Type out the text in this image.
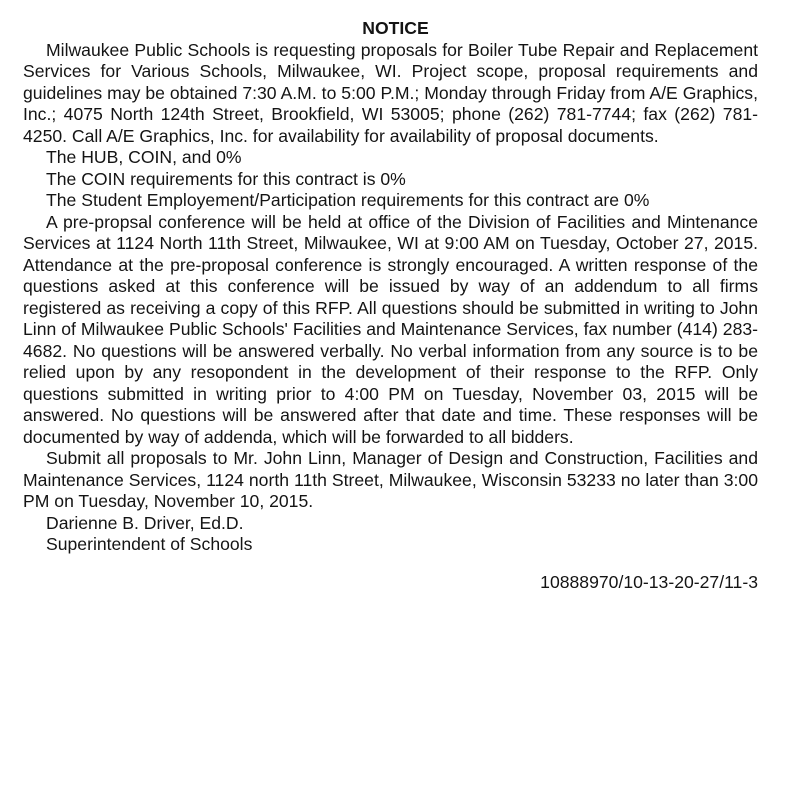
NOTICE

Milwaukee Public Schools is requesting proposals for Boiler Tube Repair and Replacement Services for Various Schools, Milwaukee, WI. Project scope, proposal requirements and guidelines may be obtained 7:30 A.M. to 5:00 P.M.; Monday through Friday from A/E Graphics, Inc.; 4075 North 124th Street, Brookfield, WI 53005; phone (262) 781-7744; fax (262) 781-4250. Call A/E Graphics, Inc. for availability for availability of proposal documents.

The HUB, COIN, and 0%

The COIN requirements for this contract is 0%

The Student Employement/Participation requirements for this contract are 0%

A pre-propsal conference will be held at office of the Division of Facilities and Mintenance Services at 1124 North 11th Street, Milwaukee, WI at 9:00 AM on Tuesday, October 27, 2015. Attendance at the pre-proposal conference is strongly encouraged. A written response of the questions asked at this conference will be issued by way of an addendum to all firms registered as receiving a copy of this RFP. All questions should be submitted in writing to John Linn of Milwaukee Public Schools' Facilities and Maintenance Services, fax number (414) 283-4682. No questions will be answered verbally. No verbal information from any source is to be relied upon by any resopondent in the development of their response to the RFP. Only questions submitted in writing prior to 4:00 PM on Tuesday, November 03, 2015 will be answered. No questions will be answered after that date and time. These responses will be documented by way of addenda, which will be forwarded to all bidders.

Submit all proposals to Mr. John Linn, Manager of Design and Construction, Facilities and Maintenance Services, 1124 north 11th Street, Milwaukee, Wisconsin 53233 no later than 3:00 PM on Tuesday, November 10, 2015.

Darienne B. Driver, Ed.D.

Superintendent of Schools

10888970/10-13-20-27/11-3
